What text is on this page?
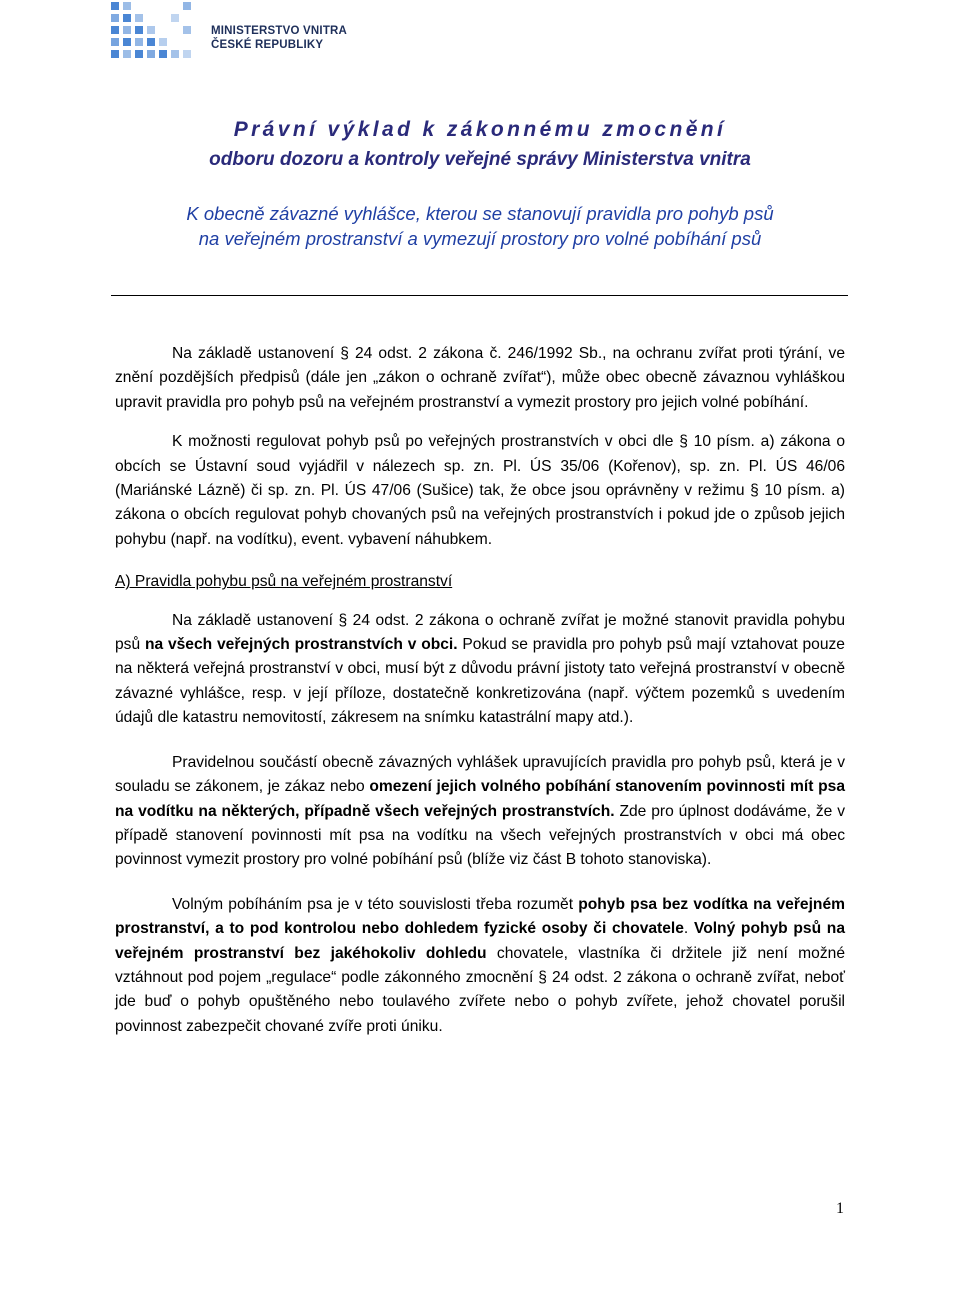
MINISTERSTVO VNITRA
ČESKÉ REPUBLIKY
Právní výklad k zákonnému zmocnění
odboru dozoru a kontroly veřejné správy Ministerstva vnitra
K obecně závazné vyhlášce, kterou se stanovují pravidla pro pohyb psů
na veřejném prostranství a vymezují prostory pro volné pobíhání psů

Na základě ustanovení § 24 odst. 2 zákona č. 246/1992 Sb., na ochranu zvířat proti týrání, ve znění pozdějších předpisů (dále jen „zákon o ochraně zvířat“), může obec obecně závaznou vyhláškou upravit pravidla pro pohyb psů na veřejném prostranství a vymezit prostory pro jejich volné pobíhání.

K možnosti regulovat pohyb psů po veřejných prostranstvích v obci dle § 10 písm. a) zákona o obcích se Ústavní soud vyjádřil v nálezech sp. zn. Pl. ÚS 35/06 (Kořenov), sp. zn. Pl. ÚS 46/06 (Mariánské Lázně) či sp. zn. Pl. ÚS 47/06 (Sušice) tak, že obce jsou oprávněny v režimu § 10 písm. a) zákona o obcích regulovat pohyb chovaných psů na veřejných prostranstvích i pokud jde o způsob jejich pohybu (např. na vodítku), event. vybavení náhubkem.

A) Pravidla pohybu psů na veřejném prostranství

Na základě ustanovení § 24 odst. 2 zákona o ochraně zvířat je možné stanovit pravidla pohybu psů na všech veřejných prostranstvích v obci. Pokud se pravidla pro pohyb psů mají vztahovat pouze na některá veřejná prostranství v obci, musí být z důvodu právní jistoty tato veřejná prostranství v obecně závazné vyhlášce, resp. v její příloze, dostatečně konkretizována (např. výčtem pozemků s uvedením údajů dle katastru nemovitostí, zákresem na snímku katastrální mapy atd.).

Pravidelnou součástí obecně závazných vyhlášek upravujících pravidla pro pohyb psů, která je v souladu se zákonem, je zákaz nebo omezení jejich volného pobíhání stanovením povinnosti mít psa na vodítku na některých, případně všech veřejných prostranstvích. Zde pro úplnost dodáváme, že v případě stanovení povinnosti mít psa na vodítku na všech veřejných prostranstvích v obci má obec povinnost vymezit prostory pro volné pobíhání psů (blíže viz část B tohoto stanoviska).

Volným pobíháním psa je v této souvislosti třeba rozumět pohyb psa bez vodítka na veřejném prostranství, a to pod kontrolou nebo dohledem fyzické osoby či chovatele. Volný pohyb psů na veřejném prostranství bez jakéhokoliv dohledu chovatele, vlastníka či držitele již není možné vztáhnout pod pojem „regulace“ podle zákonného zmocnění § 24 odst. 2 zákona o ochraně zvířat, neboť jde buď o pohyb opuštěného nebo toulavého zvířete nebo o pohyb zvířete, jehož chovatel porušil povinnost zabezpečit chované zvíře proti úniku.

1
